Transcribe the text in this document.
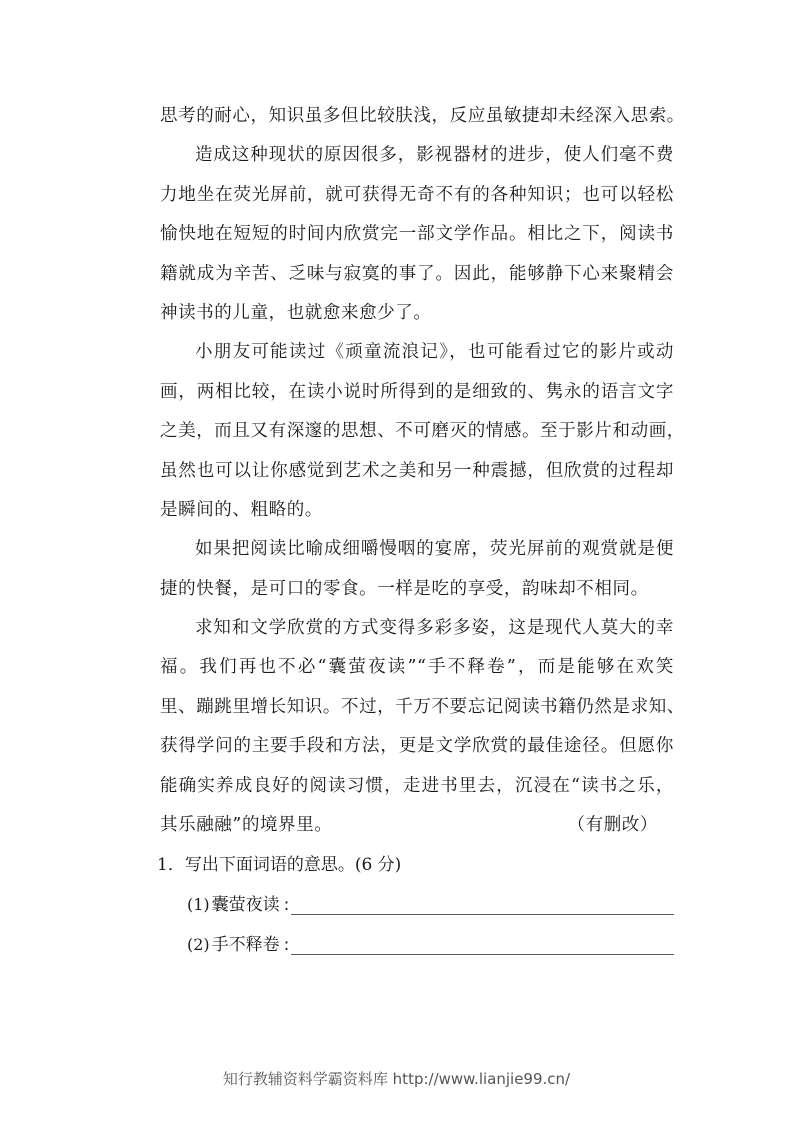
思考的耐心，知识虽多但比较肤浅，反应虽敏捷却未经深入思索。
造成这种现状的原因很多，影视器材的进步，使人们毫不费
力地坐在荧光屏前，就可获得无奇不有的各种知识；也可以轻松
愉快地在短短的时间内欣赏完一部文学作品。相比之下，阅读书
籍就成为辛苦、乏味与寂寞的事了。因此，能够静下心来聚精会
神读书的儿童，也就愈来愈少了。
小朋友可能读过《顽童流浪记》，也可能看过它的影片或动
画，两相比较，在读小说时所得到的是细致的、隽永的语言文字
之美，而且又有深邃的思想、不可磨灭的情感。至于影片和动画，
虽然也可以让你感觉到艺术之美和另一种震撼，但欣赏的过程却
是瞬间的、粗略的。
如果把阅读比喻成细嚼慢咽的宴席，荧光屏前的观赏就是便
捷的快餐，是可口的零食。一样是吃的享受，韵味却不相同。
求知和文学欣赏的方式变得多彩多姿，这是现代人莫大的幸
福。我们再也不必“囊萤夜读”“手不释卷”，而是能够在欢笑
里、蹦跳里增长知识。不过，千万不要忘记阅读书籍仍然是求知、
获得学问的主要手段和方法，更是文学欣赏的最佳途径。但愿你
能确实养成良好的阅读习惯，走进书里去，沉浸在“读书之乐，
其乐融融”的境界里。	（有删改）
1．写出下面词语的意思。(6 分)
(1) 囊萤夜读 :
(2) 手不释卷 :
知行教辅资料学霸资料库 http://www.lianjie99.cn/
